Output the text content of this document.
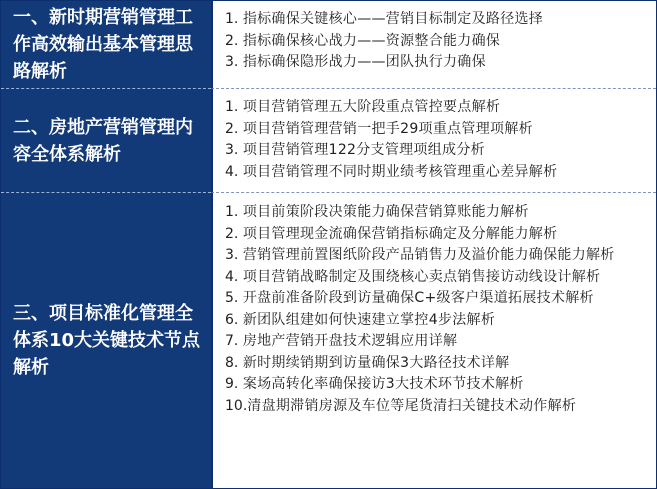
一、新时期营销管理工作高效输出基本管理思路解析
1. 指标确保关键核心——营销目标制定及路径选择
2. 指标确保核心战力——资源整合能力确保
3. 指标确保隐形战力——团队执行力确保
二、房地产营销管理内容全体系解析
1. 项目营销管理五大阶段重点管控要点解析
2. 项目营销管理营销一把手29项重点管理项解析
3. 项目营销管理122分支管理项组成分析
4. 项目营销管理不同时期业绩考核管理重心差异解析
三、项目标准化管理全体系10大关键技术节点解析
1. 项目前策阶段决策能力确保营销算账能力解析
2. 项目管理现金流确保营销指标确定及分解能力解析
3. 营销管理前置图纸阶段产品销售力及溢价能力确保能力解析
4. 项目营销战略制定及围绕核心卖点销售接访动线设计解析
5. 开盘前准备阶段到访量确保C+级客户渠道拓展技术解析
6. 新团队组建如何快速建立掌控4步法解析
7. 房地产营销开盘技术逻辑应用详解
8. 新时期续销期到访量确保3大路径技术详解
9. 案场高转化率确保接访3大技术环节技术解析
10. 清盘期滞销房源及车位等尾货清扫关键技术动作解析
